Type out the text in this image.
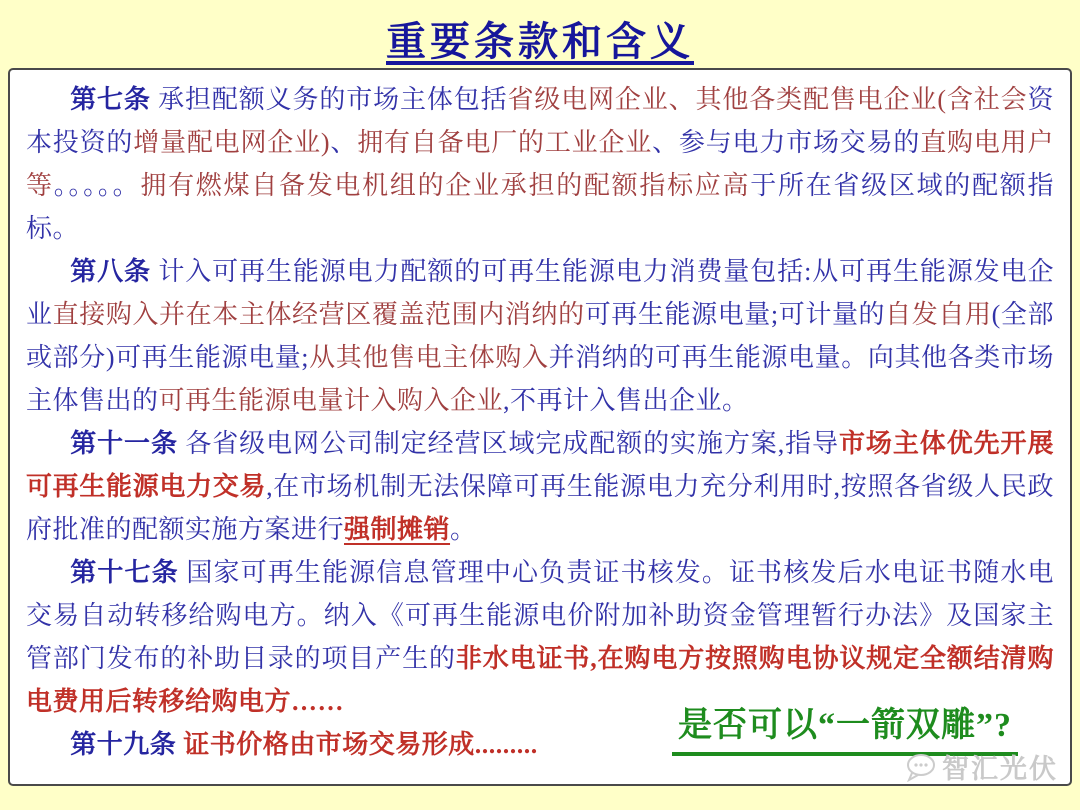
重要条款和含义

第七条 承担配额义务的市场主体包括省级电网企业、其他各类配售电企业(含社会资本投资的增量配电网企业)、拥有自备电厂的工业企业、参与电力市场交易的直购电用户等。。。。。拥有燃煤自备发电机组的企业承担的配额指标应高于所在省级区域的配额指标。

第八条 计入可再生能源电力配额的可再生能源电力消费量包括:从可再生能源发电企业直接购入并在本主体经营区覆盖范围内消纳的可再生能源电量;可计量的自发自用(全部或部分)可再生能源电量;从其他售电主体购入并消纳的可再生能源电量。向其他各类市场主体售出的可再生能源电量计入购入企业,不再计入售出企业。

第十一条 各省级电网公司制定经营区域完成配额的实施方案,指导市场主体优先开展可再生能源电力交易,在市场机制无法保障可再生能源电力充分利用时,按照各省级人民政府批准的配额实施方案进行强制摊销。

第十七条 国家可再生能源信息管理中心负责证书核发。证书核发后水电证书随水电交易自动转移给购电方。纳入《可再生能源电价附加补助资金管理暂行办法》及国家主管部门发布的补助目录的项目产生的非水电证书,在购电方按照购电协议规定全额结清购电费用后转移给购电方……

第十九条 证书价格由市场交易形成.........

是否可以“一箭双雕”?
智汇光伏
